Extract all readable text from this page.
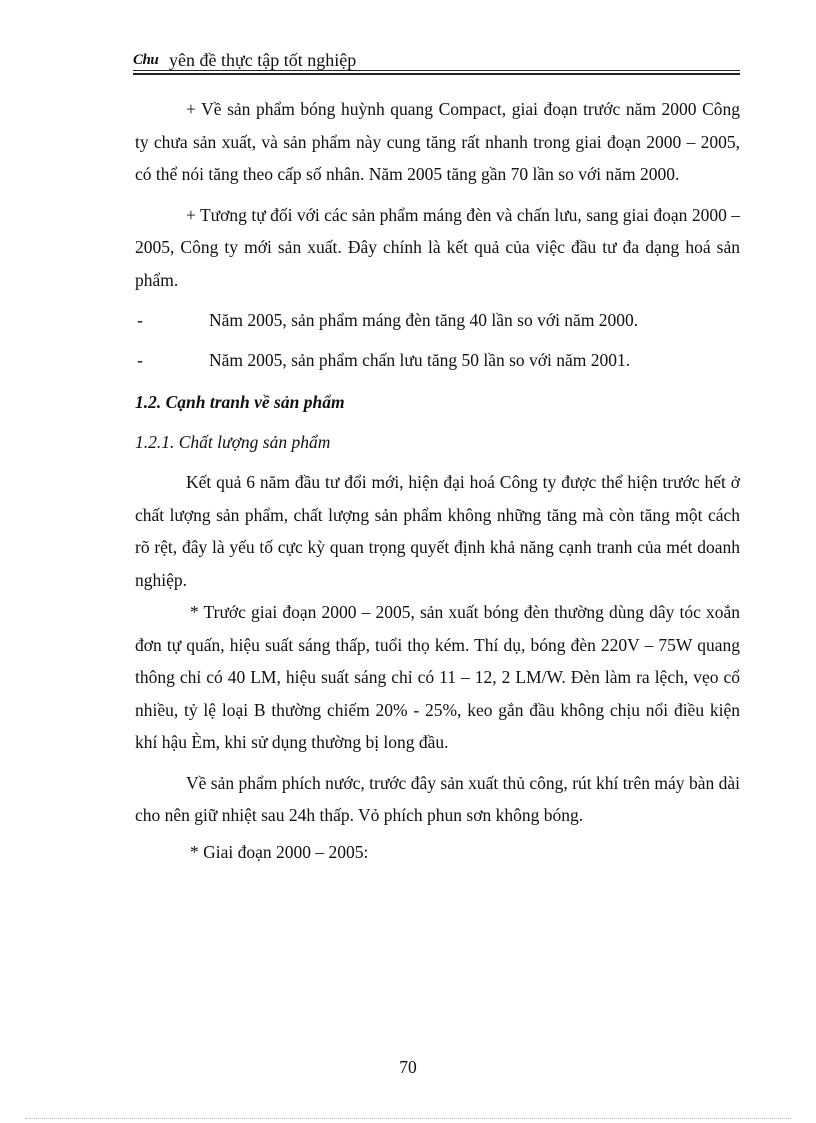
Chu yên đề thực tập tốt nghiệp

+ Về sản phẩm bóng huỳnh quang Compact, giai đoạn trước năm 2000 Công ty chưa sản xuất, và sản phẩm này cung tăng rất nhanh trong giai đoạn 2000 – 2005, có thể nói tăng theo cấp số nhân. Năm 2005 tăng gần 70 lần so với năm 2000.

+ Tương tự đối với các sản phẩm máng đèn và chấn lưu, sang giai đoạn 2000 – 2005, Công ty mới sản xuất. Đây chính là kết quả của việc đầu tư đa dạng hoá sản phẩm.

-	Năm 2005, sản phẩm máng đèn tăng 40 lần so với năm 2000.
-	Năm 2005, sản phẩm chấn lưu tăng 50 lần so với năm 2001.
1.2. Cạnh tranh về sản phẩm
1.2.1. Chất lượng sản phẩm

Kết quả 6 năm đầu tư đổi mới, hiện đại hoá Công ty được thể hiện trước hết ở chất lượng sản phẩm, chất lượng sản phẩm không những tăng mà còn tăng một cách rõ rệt, đây là yếu tố cực kỳ quan trọng quyết định khả năng cạnh tranh của mét doanh nghiệp.

* Trước giai đoạn 2000 – 2005, sản xuất bóng đèn thường dùng dây tóc xoắn đơn tự quấn, hiệu suất sáng thấp, tuổi thọ kém. Thí dụ, bóng đèn 220V – 75W quang thông chỉ có 40 LM, hiệu suất sáng chỉ có 11 – 12, 2 LM/W. Đèn làm ra lệch, vẹo cổ nhiều, tỷ lệ loại B thường chiếm 20% - 25%, keo gắn đầu không chịu nổi điều kiện khí hậu Èm, khi sử dụng thường bị long đầu.

Về sản phẩm phích nước, trước đây sản xuất thủ công, rút khí trên máy bàn dài cho nên giữ nhiệt sau 24h thấp. Vỏ phích phun sơn không bóng.

* Giai đoạn 2000 – 2005:

70
